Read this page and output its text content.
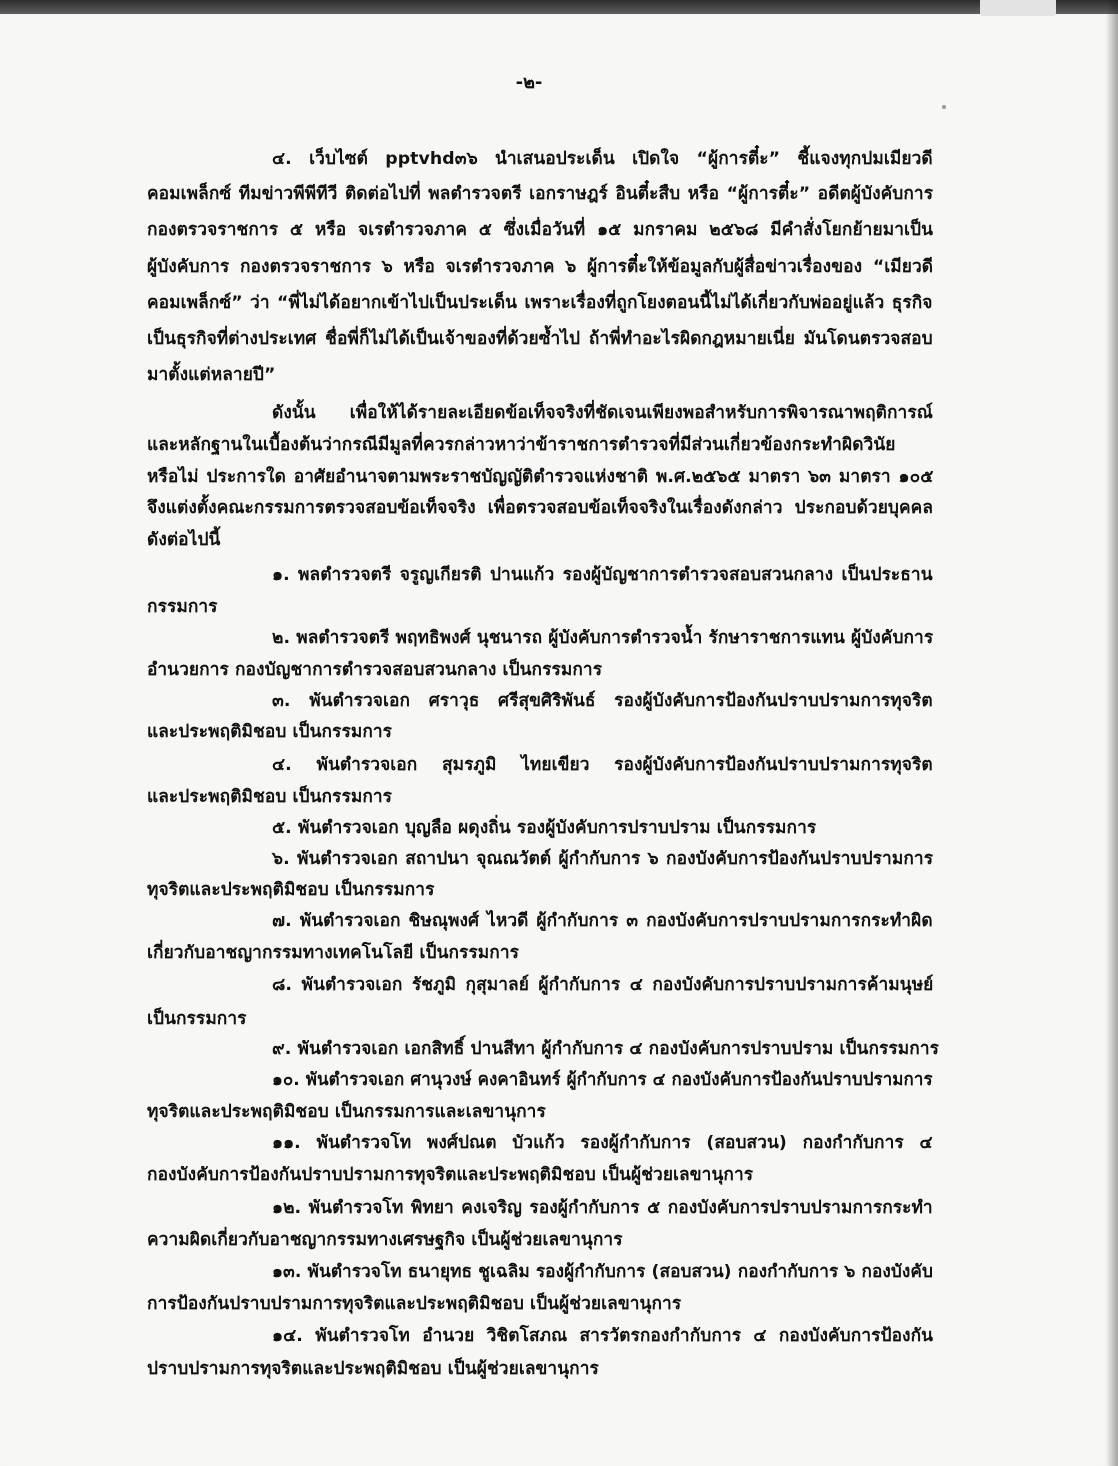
-๒-
๔. เว็บไซต์ pptvhd๓๖ นำเสนอประเด็น เปิดใจ “ผู้การตี๋ะ” ชี้แจงทุกปมเมียวดี
คอมเพล็กซ์ ทีมข่าวพีพีทีวี ติดต่อไปที่ พลตำรวจตรี เอกราษฎร์ อินตี๋ะสืบ หรือ “ผู้การตี๋ะ” อดีตผู้บังคับการ
กองตรวจราชการ ๕ หรือ จเรตำรวจภาค ๕ ซึ่งเมื่อวันที่ ๑๕ มกราคม ๒๕๖๘ มีคำสั่งโยกย้ายมาเป็น
ผู้บังคับการ กองตรวจราชการ ๖ หรือ จเรตำรวจภาค ๖ ผู้การตี๋ะให้ข้อมูลกับผู้สื่อข่าวเรื่องของ “เมียวดี
คอมเพล็กซ์” ว่า “พี่ไม่ได้อยากเข้าไปเป็นประเด็น เพราะเรื่องที่ถูกโยงตอนนี้ไม่ได้เกี่ยวกับพ่ออยู่แล้ว ธุรกิจ
เป็นธุรกิจที่ต่างประเทศ ชื่อพี่ก็ไม่ได้เป็นเจ้าของที่ด้วยซ้ำไป ถ้าพี่ทำอะไรผิดกฎหมายเนี่ย มันโดนตรวจสอบ
มาตั้งแต่หลายปี”
ดังนั้น เพื่อให้ได้รายละเอียดข้อเท็จจริงที่ชัดเจนเพียงพอสำหรับการพิจารณาพฤติการณ์
และหลักฐานในเบื้องต้นว่ากรณีมีมูลที่ควรกล่าวหาว่าข้าราชการตำรวจที่มีส่วนเกี่ยวข้องกระทำผิดวินัย
หรือไม่ ประการใด อาศัยอำนาจตามพระราชบัญญัติตำรวจแห่งชาติ พ.ศ.๒๕๖๕ มาตรา ๖๓ มาตรา ๑๐๕
จึงแต่งตั้งคณะกรรมการตรวจสอบข้อเท็จจริง เพื่อตรวจสอบข้อเท็จจริงในเรื่องดังกล่าว ประกอบด้วยบุคคล
ดังต่อไปนี้
๑. พลตำรวจตรี จรูญเกียรติ ปานแก้ว รองผู้บัญชาการตำรวจสอบสวนกลาง เป็นประธาน
กรรมการ
๒. พลตำรวจตรี พฤทธิพงศ์ นุชนารถ ผู้บังคับการตำรวจน้ำ รักษาราชการแทน ผู้บังคับการ
อำนวยการ กองบัญชาการตำรวจสอบสวนกลาง เป็นกรรมการ
๓. พันตำรวจเอก ศราวุธ ศรีสุขศิริพันธ์ รองผู้บังคับการป้องกันปราบปรามการทุจริต
และประพฤติมิชอบ เป็นกรรมการ
๔. พันตำรวจเอก สุมรภูมิ ไทยเขียว รองผู้บังคับการป้องกันปราบปรามการทุจริต
และประพฤติมิชอบ เป็นกรรมการ
๕. พันตำรวจเอก บุญลือ ผดุงถิ่น รองผู้บังคับการปราบปราม เป็นกรรมการ
๖. พันตำรวจเอก สถาปนา จุณณวัตต์ ผู้กำกับการ ๖ กองบังคับการป้องกันปราบปรามการ
ทุจริตและประพฤติมิชอบ เป็นกรรมการ
๗. พันตำรวจเอก ชิษณุพงศ์ ไหวดี ผู้กำกับการ ๓ กองบังคับการปราบปรามการกระทำผิด
เกี่ยวกับอาชญากรรมทางเทคโนโลยี เป็นกรรมการ
๘. พันตำรวจเอก รัชภูมิ กุสุมาลย์ ผู้กำกับการ ๔ กองบังคับการปราบปรามการค้ามนุษย์
เป็นกรรมการ
๙. พันตำรวจเอก เอกสิทธิ์ ปานสีทา ผู้กำกับการ ๔ กองบังคับการปราบปราม เป็นกรรมการ
๑๐. พันตำรวจเอก ศานุวงษ์ คงคาอินทร์ ผู้กำกับการ ๔ กองบังคับการป้องกันปราบปรามการ
ทุจริตและประพฤติมิชอบ เป็นกรรมการและเลขานุการ
๑๑. พันตำรวจโท พงศ์ปณต บัวแก้ว รองผู้กำกับการ (สอบสวน) กองกำกับการ ๔
กองบังคับการป้องกันปราบปรามการทุจริตและประพฤติมิชอบ เป็นผู้ช่วยเลขานุการ
๑๒. พันตำรวจโท พิทยา คงเจริญ รองผู้กำกับการ ๕ กองบังคับการปราบปรามการกระทำ
ความผิดเกี่ยวกับอาชญากรรมทางเศรษฐกิจ เป็นผู้ช่วยเลขานุการ
๑๓. พันตำรวจโท ธนายุทธ ชูเฉลิม รองผู้กำกับการ (สอบสวน) กองกำกับการ ๖ กองบังคับ
การป้องกันปราบปรามการทุจริตและประพฤติมิชอบ เป็นผู้ช่วยเลขานุการ
๑๔. พันตำรวจโท อำนวย วิชิตโสภณ สารวัตรกองกำกับการ ๔ กองบังคับการป้องกัน
ปราบปรามการทุจริตและประพฤติมิชอบ เป็นผู้ช่วยเลขานุการ
